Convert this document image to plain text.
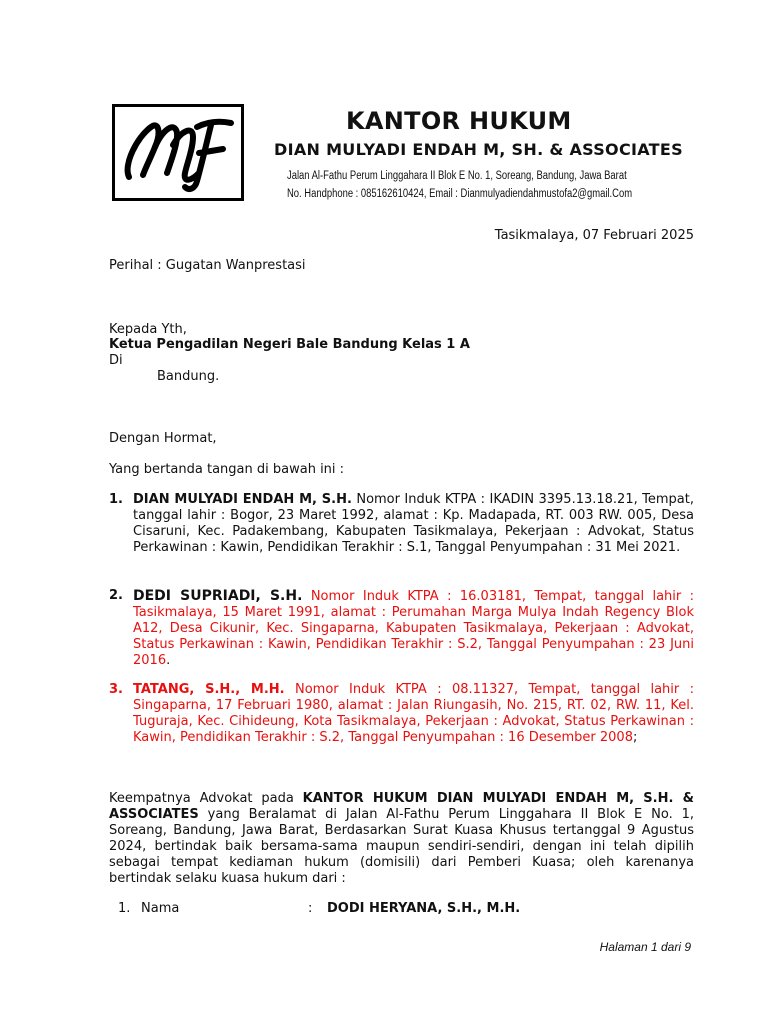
KANTOR HUKUM
DIAN MULYADI ENDAH M, SH. & ASSOCIATES
Jalan Al-Fathu Perum Linggahara II Blok E No. 1, Soreang, Bandung, Jawa Barat
No. Handphone : 085162610424, Email : Dianmulyadiendahmustofa2@gmail.Com
Tasikmalaya, 07 Februari 2025
Perihal : Gugatan Wanprestasi
Kepada Yth,
Ketua Pengadilan Negeri Bale Bandung Kelas 1 A
Di
Bandung.
Dengan Hormat,
Yang bertanda tangan di bawah ini :
1. DIAN MULYADI ENDAH M, S.H. Nomor Induk KTPA : IKADIN 3395.13.18.21, Tempat, tanggal lahir : Bogor, 23 Maret 1992, alamat : Kp. Madapada, RT. 003 RW. 005, Desa Cisaruni, Kec. Padakembang, Kabupaten Tasikmalaya, Pekerjaan : Advokat, Status Perkawinan : Kawin, Pendidikan Terakhir : S.1, Tanggal Penyumpahan : 31 Mei 2021.
2. DEDI SUPRIADI, S.H. Nomor Induk KTPA : 16.03181, Tempat, tanggal lahir : Tasikmalaya, 15 Maret 1991, alamat : Perumahan Marga Mulya Indah Regency Blok A12, Desa Cikunir, Kec. Singaparna, Kabupaten Tasikmalaya, Pekerjaan : Advokat, Status Perkawinan : Kawin, Pendidikan Terakhir : S.2, Tanggal Penyumpahan : 23 Juni 2016.
3. TATANG, S.H., M.H. Nomor Induk KTPA : 08.11327, Tempat, tanggal lahir : Singaparna, 17 Februari 1980, alamat : Jalan Riungasih, No. 215, RT. 02, RW. 11, Kel. Tuguraja, Kec. Cihideung, Kota Tasikmalaya, Pekerjaan : Advokat, Status Perkawinan : Kawin, Pendidikan Terakhir : S.2, Tanggal Penyumpahan : 16 Desember 2008;
Keempatnya Advokat pada KANTOR HUKUM DIAN MULYADI ENDAH M, S.H. & ASSOCIATES yang Beralamat di Jalan Al-Fathu Perum Linggahara II Blok E No. 1, Soreang, Bandung, Jawa Barat, Berdasarkan Surat Kuasa Khusus tertanggal 9 Agustus 2024, bertindak baik bersama-sama maupun sendiri-sendiri, dengan ini telah dipilih sebagai tempat kediaman hukum (domisili) dari Pemberi Kuasa; oleh karenanya bertindak selaku kuasa hukum dari :
1. Nama	: DODI HERYANA, S.H., M.H.
Halaman 1 dari 9
